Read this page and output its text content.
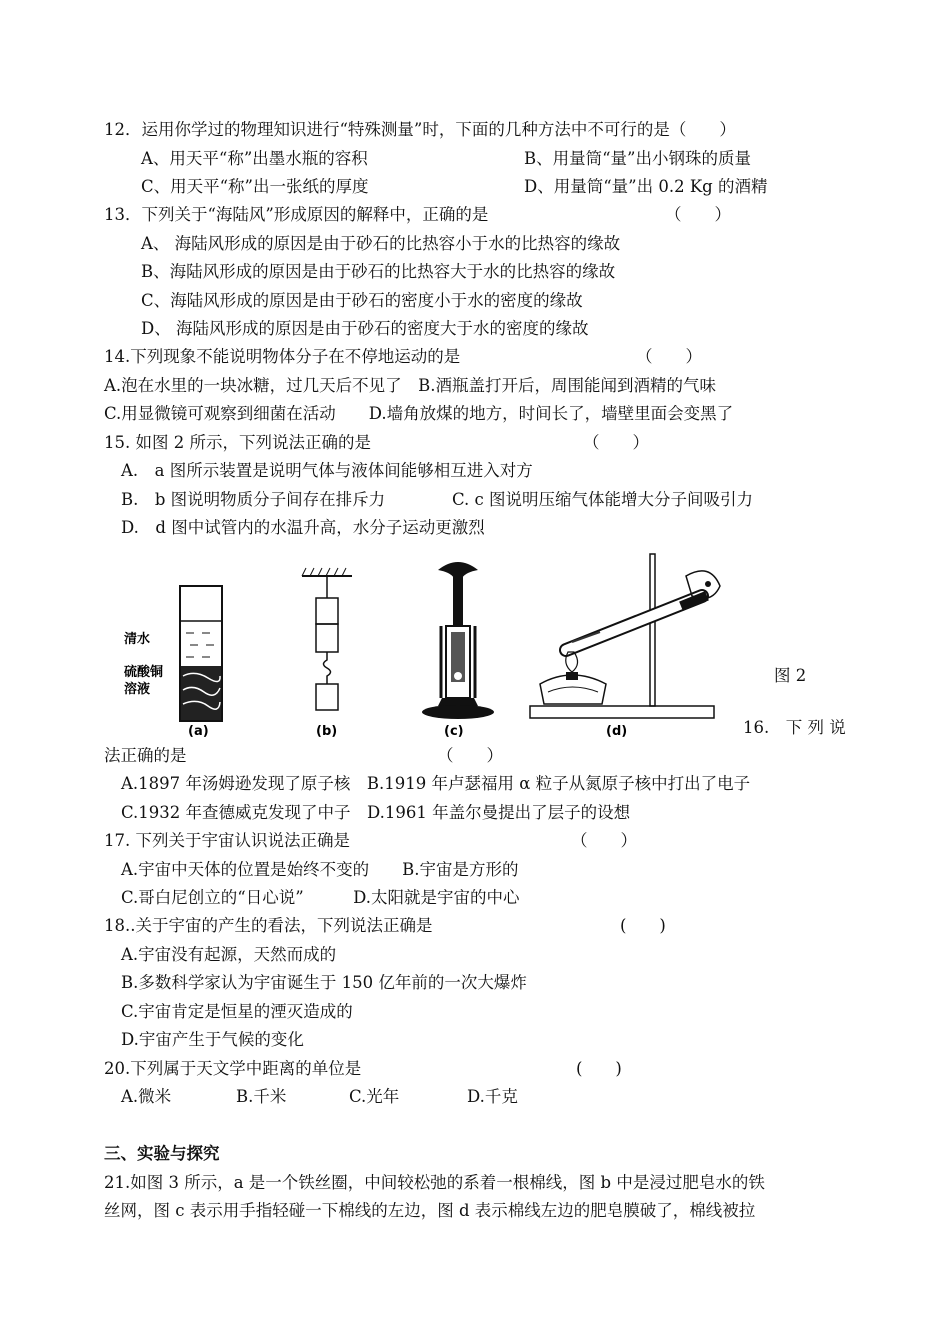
12．运用你学过的物理知识进行“特殊测量”时，下面的几种方法中不可行的是（　　）
A、用天平“称”出墨水瓶的容积	B、用量筒“量”出小钢珠的质量
C、用天平“称”出一张纸的厚度	D、用量筒“量”出 0.2 Kg 的酒精
13．下列关于“海陆风”形成原因的解释中，正确的是	（　　）
A、 海陆风形成的原因是由于砂石的比热容小于水的比热容的缘故
B、海陆风形成的原因是由于砂石的比热容大于水的比热容的缘故
C、海陆风形成的原因是由于砂石的密度小于水的密度的缘故
D、 海陆风形成的原因是由于砂石的密度大于水的密度的缘故
14.下列现象不能说明物体分子在不停地运动的是	（　　）
A.泡在水里的一块冰糖，过几天后不见了　B.酒瓶盖打开后，周围能闻到酒精的气味
C.用显微镜可观察到细菌在活动　　D.墙角放煤的地方，时间长了，墙壁里面会变黑了
15. 如图 2 所示，下列说法正确的是	（　　）
A.　a 图所示装置是说明气体与液体间能够相互进入对方
B.　b 图说明物质分子间存在排斥力	C. c 图说明压缩气体能增大分子间吸引力
D.　d 图中试管内的水温升高，水分子运动更激烈
清水
硫酸铜
溶液
(a)	(b)	(c)	(d)
图 2
16.　下 列 说
法正确的是	（　　）
A.1897 年汤姆逊发现了原子核　B.1919 年卢瑟福用 α 粒子从氮原子核中打出了电子
C.1932 年查德威克发现了中子　D.1961 年盖尔曼提出了层子的设想
17. 下列关于宇宙认识说法正确是	（　　）
A.宇宙中天体的位置是始终不变的　　B.宇宙是方形的
C.哥白尼创立的“日心说”　　　D.太阳就是宇宙的中心
18..关于宇宙的产生的看法，下列说法正确是	(　　)
A.宇宙没有起源，天然而成的
B.多数科学家认为宇宙诞生于 150 亿年前的一次大爆炸
C.宇宙肯定是恒星的湮灭造成的
D.宇宙产生于气候的变化
20.下列属于天文学中距离的单位是	(　　)
A.微米	B.千米	C.光年	D.千克
三、实验与探究
21.如图 3 所示，a 是一个铁丝圈，中间较松弛的系着一根棉线，图 b 中是浸过肥皂水的铁
丝网，图 c 表示用手指轻碰一下棉线的左边，图 d 表示棉线左边的肥皂膜破了，棉线被拉
